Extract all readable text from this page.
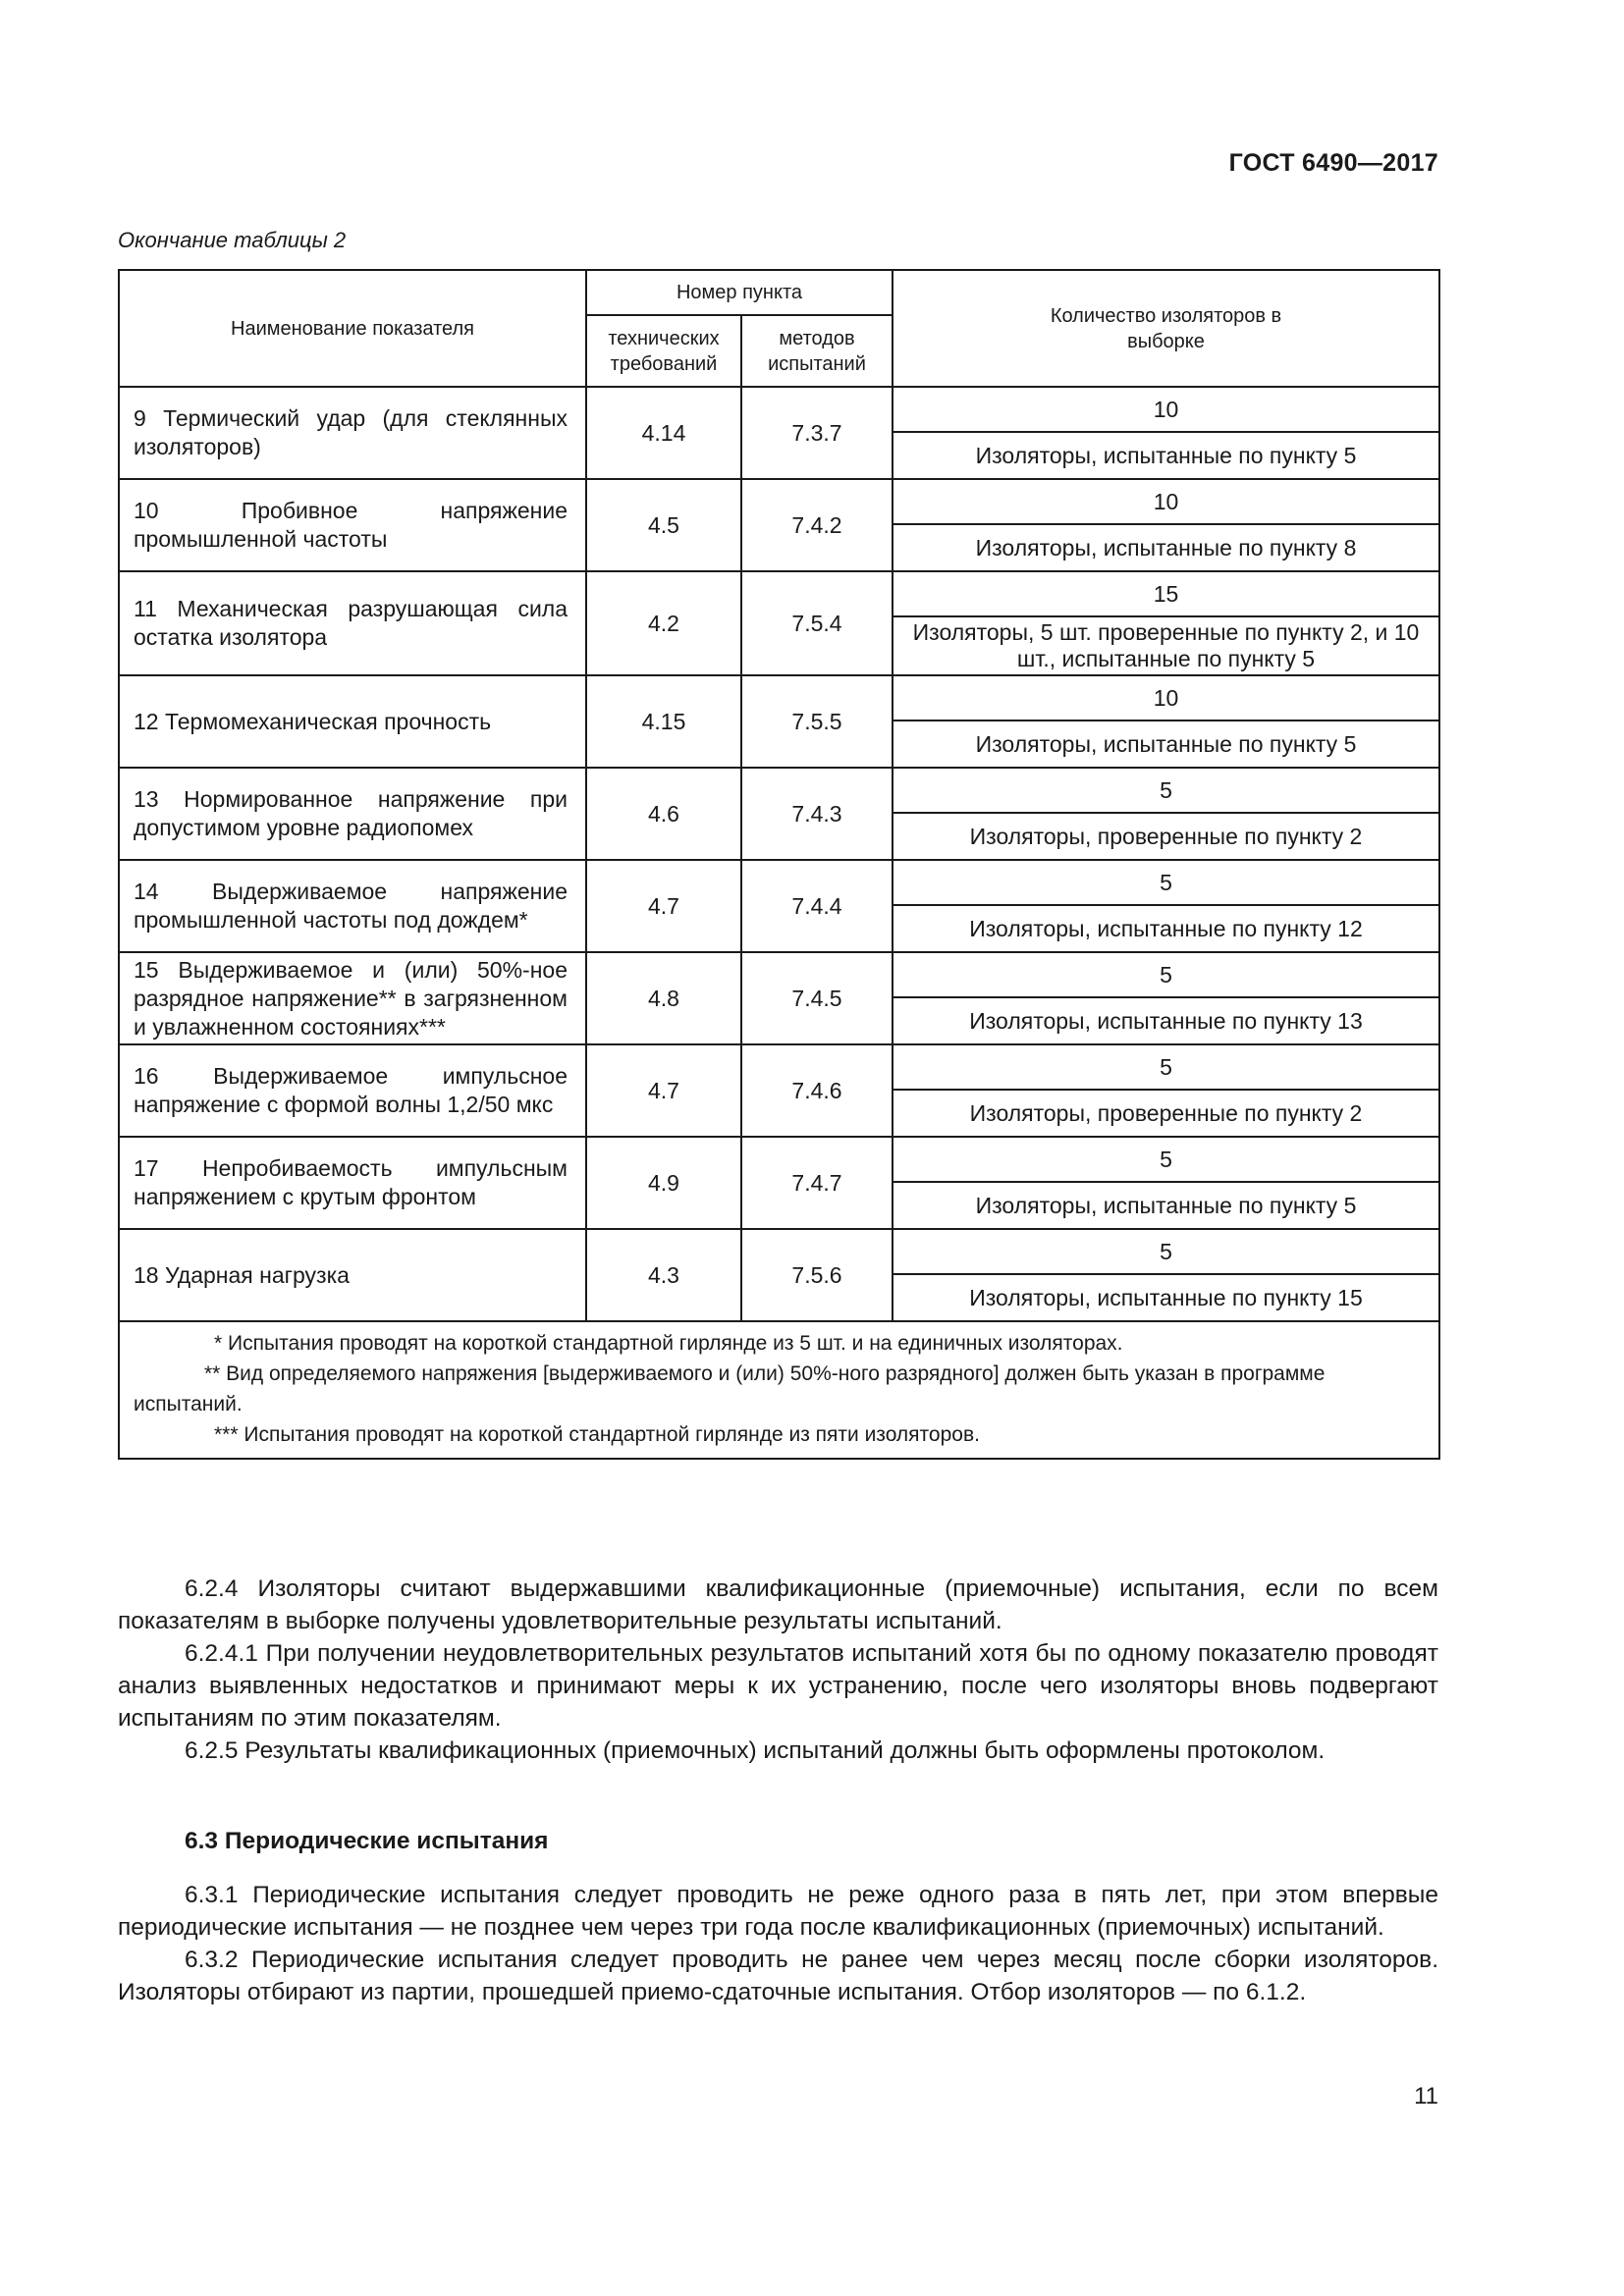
ГОСТ 6490—2017
Окончание таблицы 2
Наименование показателя	Номер пункта		Количество изоляторов в выборке
	технических требований	методов испытаний	
9 Термический удар (для стеклянных изоляторов)	4.14	7.3.7	10
			Изоляторы, испытанные по пункту 5
10 Пробивное напряжение промышленной частоты	4.5	7.4.2	10
			Изоляторы, испытанные по пункту 8
11 Механическая разрушающая сила остатка изолятора	4.2	7.5.4	15
			Изоляторы, 5 шт. проверенные по пункту 2, и 10 шт., испытанные по пункту 5
12 Термомеханическая прочность	4.15	7.5.5	10
			Изоляторы, испытанные по пункту 5
13 Нормированное напряжение при допустимом уровне радиопомех	4.6	7.4.3	5
			Изоляторы, проверенные по пункту 2
14 Выдерживаемое напряжение промышленной частоты под дождем*	4.7	7.4.4	5
			Изоляторы, испытанные по пункту 12
15 Выдерживаемое и (или) 50%-ное разрядное напряжение** в загрязненном и увлажненном состояниях***	4.8	7.4.5	5
			Изоляторы, испытанные по пункту 13
16 Выдерживаемое импульсное напряжение с формой волны 1,2/50 мкс	4.7	7.4.6	5
			Изоляторы, проверенные по пункту 2
17 Непробиваемость импульсным напряжением с крутым фронтом	4.9	7.4.7	5
			Изоляторы, испытанные по пункту 5
18 Ударная нагрузка	4.3	7.5.6	5
			Изоляторы, испытанные по пункту 15

* Испытания проводят на короткой стандартной гирлянде из 5 шт. и на единичных изоляторах.
** Вид определяемого напряжения [выдерживаемого и (или) 50%-ного разрядного] должен быть указан в программе испытаний.
*** Испытания проводят на короткой стандартной гирлянде из пяти изоляторов.			

6.2.4 Изоляторы считают выдержавшими квалификационные (приемочные) испытания, если по всем показателям в выборке получены удовлетворительные результаты испытаний.

6.2.4.1 При получении неудовлетворительных результатов испытаний хотя бы по одному показателю проводят анализ выявленных недостатков и принимают меры к их устранению, после чего изоляторы вновь подвергают испытаниям по этим показателям.

6.2.5 Результаты квалификационных (приемочных) испытаний должны быть оформлены протоколом.

6.3 Периодические испытания

6.3.1 Периодические испытания следует проводить не реже одного раза в пять лет, при этом впервые периодические испытания — не позднее чем через три года после квалификационных (приемочных) испытаний.

6.3.2 Периодические испытания следует проводить не ранее чем через месяц после сборки изоляторов. Изоляторы отбирают из партии, прошедшей приемо-сдаточные испытания. Отбор изоляторов — по 6.1.2.

11
